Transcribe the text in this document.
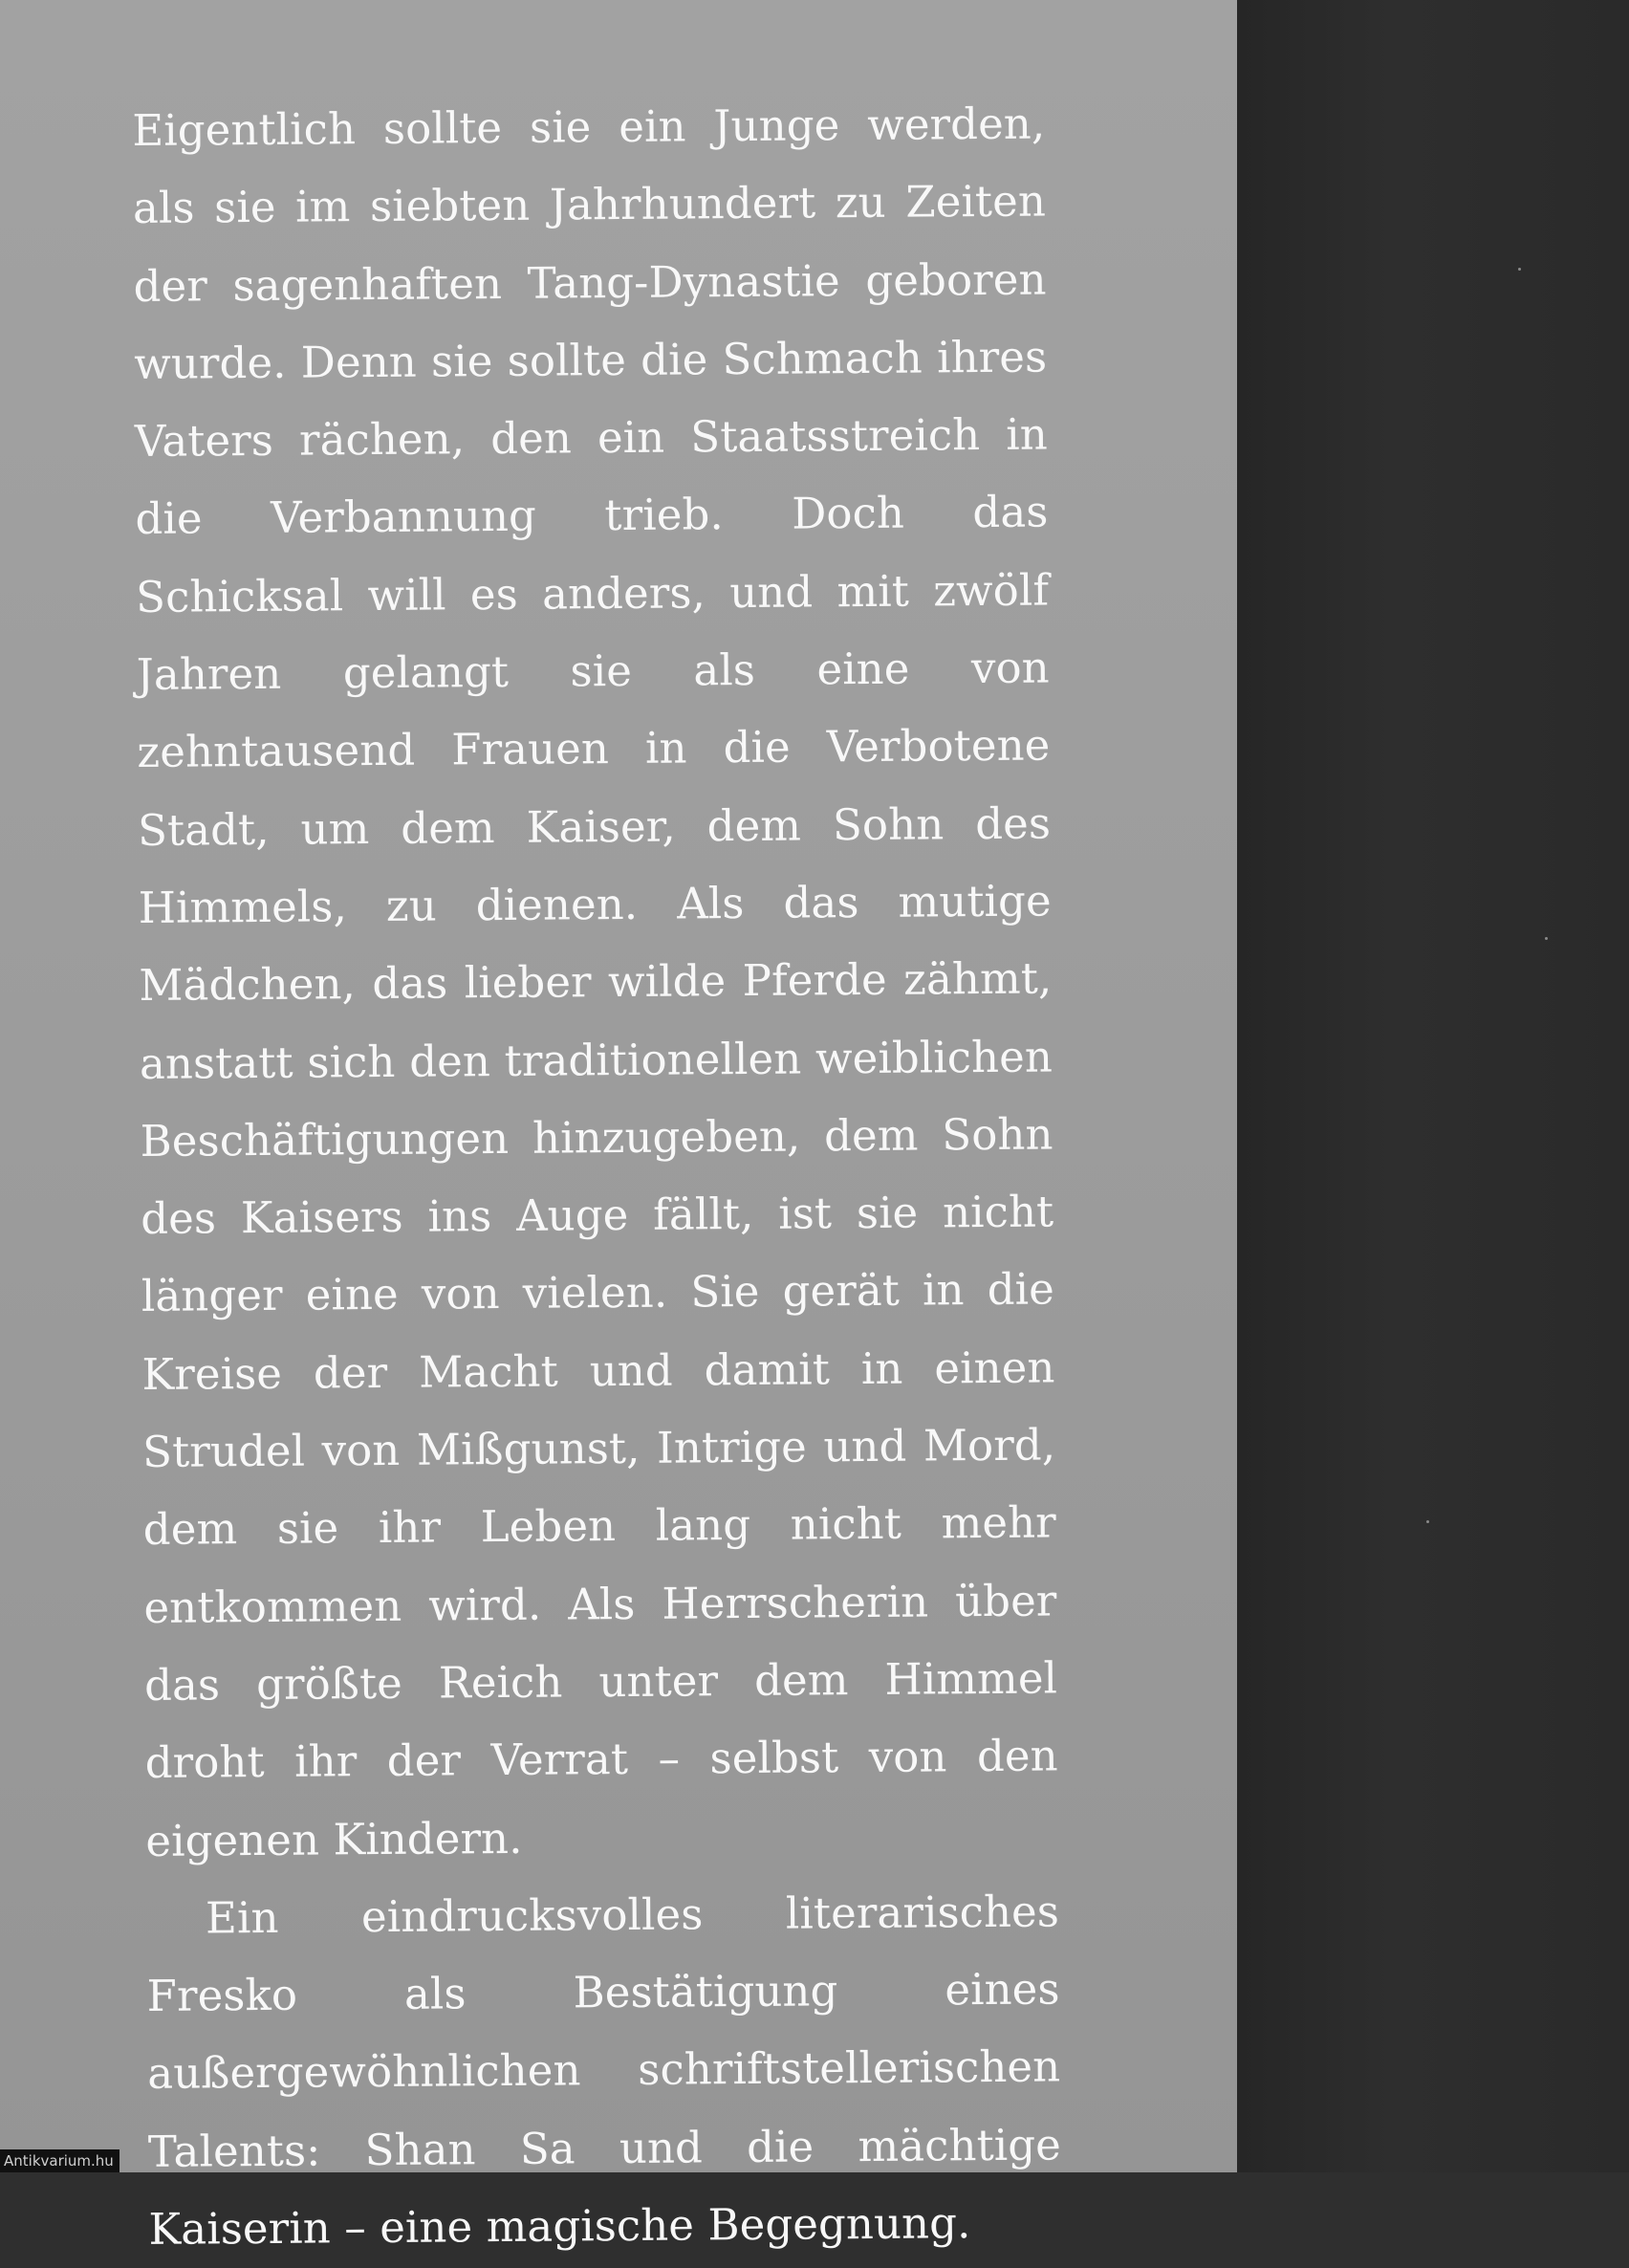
Eigentlich sollte sie ein Junge werden, als sie im siebten Jahrhundert zu Zeiten der sagenhaften Tang-Dynastie geboren wurde. Denn sie sollte die Schmach ihres Vaters rächen, den ein Staatsstreich in die Verbannung trieb. Doch das Schicksal will es anders, und mit zwölf Jahren gelangt sie als eine von zehntausend Frauen in die Verbotene Stadt, um dem Kaiser, dem Sohn des Himmels, zu dienen. Als das mutige Mädchen, das lieber wilde Pferde zähmt, anstatt sich den traditionellen weiblichen Beschäftigungen hinzugeben, dem Sohn des Kaisers ins Auge fällt, ist sie nicht länger eine von vielen. Sie gerät in die Kreise der Macht und damit in einen Strudel von Mißgunst, Intrige und Mord, dem sie ihr Leben lang nicht mehr entkommen wird. Als Herrscherin über das größte Reich unter dem Himmel droht ihr der Verrat – selbst von den eigenen Kindern.

Ein eindrucksvolles literarisches Fresko als Bestätigung eines außergewöhnlichen schriftstellerischen Talents: Shan Sa und die mächtige Kaiserin – eine magische Begegnung.

Antikvarium.hu
